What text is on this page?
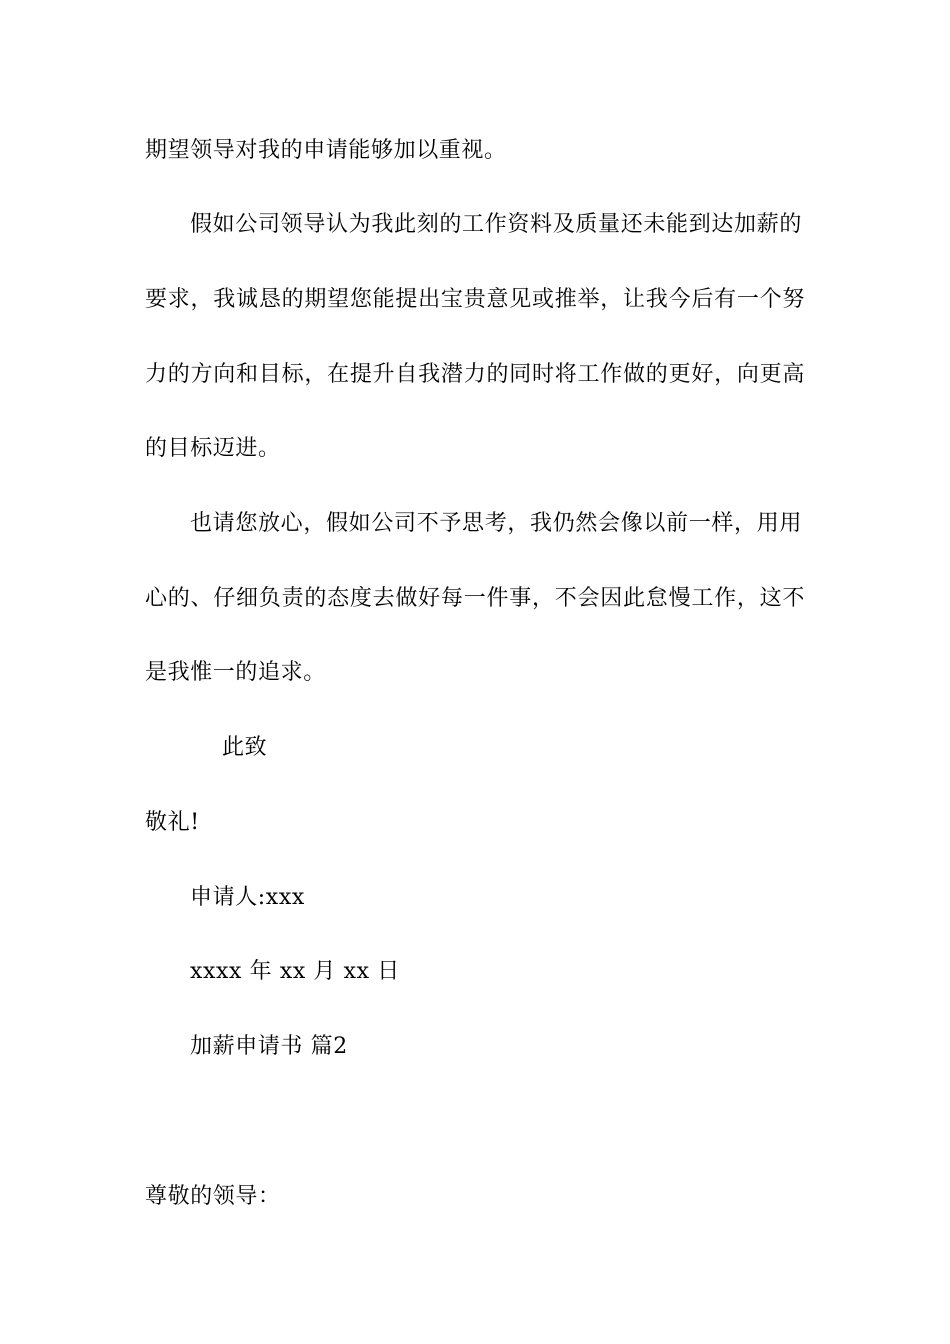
期望领导对我的申请能够加以重视。
假如公司领导认为我此刻的工作资料及质量还未能到达加薪的
要求，我诚恳的期望您能提出宝贵意见或推举，让我今后有一个努
力的方向和目标，在提升自我潜力的同时将工作做的更好，向更高
的目标迈进。
也请您放心，假如公司不予思考，我仍然会像以前一样，用用
心的、仔细负责的态度去做好每一件事，不会因此怠慢工作，这不
是我惟一的追求。
此致
敬礼!
申请人:xxx
xxxx 年 xx 月 xx 日
加薪申请书 篇2
尊敬的领导：
